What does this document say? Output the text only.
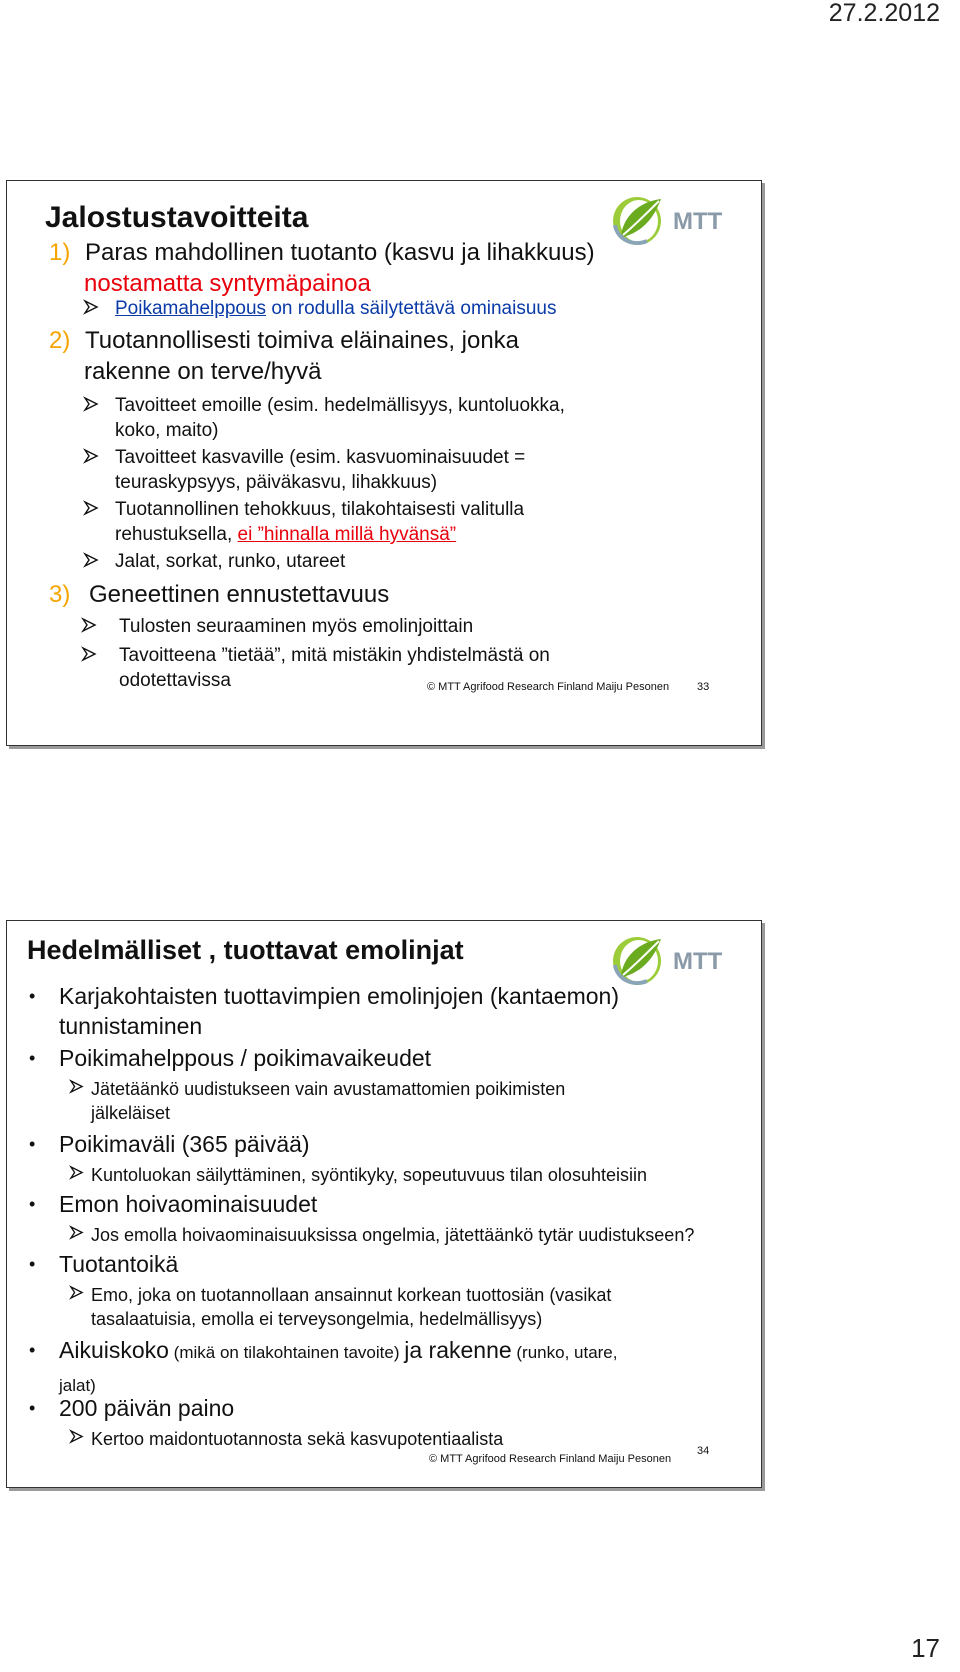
27.2.2012
MTT
Jalostustavoitteita
1) Paras mahdollinen tuotanto (kasvu ja lihakkuus)
nostamatta syntymäpainoa
Poikamahelppous on rodulla säilytettävä ominaisuus
2) Tuotannollisesti toimiva eläinaines, jonka
rakenne on terve/hyvä
Tavoitteet emoille (esim. hedelmällisyys, kuntoluokka,
koko, maito)
Tavoitteet kasvaville (esim. kasvuominaisuudet =
teuraskypsyys, päiväkasvu, lihakkuus)
Tuotannollinen tehokkuus, tilakohtaisesti valitulla
rehustuksella, ei ”hinnalla millä hyvänsä”
Jalat, sorkat, runko, utareet
3) Geneettinen ennustettavuus
Tulosten seuraaminen myös emolinjoittain
Tavoitteena ”tietää”, mitä mistäkin yhdistelmästä on
odotettavissa	© MTT Agrifood Research Finland Maiju Pesonen	33
MTT
Hedelmälliset , tuottavat emolinjat
• Karjakohtaisten tuottavimpien emolinjojen (kantaemon)
tunnistaminen
• Poikimahelppous / poikimavaikeudet
Jätetäänkö uudistukseen vain avustamattomien poikimisten
jälkeläiset
• Poikimaväli (365 päivää)
Kuntoluokan säilyttäminen, syöntikyky, sopeutuvuus tilan olosuhteisiin
• Emon hoivaominaisuudet
Jos emolla hoivaominaisuuksissa ongelmia, jätettäänkö tytär uudistukseen?
• Tuotantoikä
Emo, joka on tuotannollaan ansainnut korkean tuottosiän (vasikat
tasalaatuisia, emolla ei terveysongelmia, hedelmällisyys)
• Aikuiskoko (mikä on tilakohtainen tavoite) ja rakenne (runko, utare,
jalat)
• 200 päivän paino
Kertoo maidontuotannosta sekä kasvupotentiaalista
© MTT Agrifood Research Finland Maiju Pesonen
34
17
